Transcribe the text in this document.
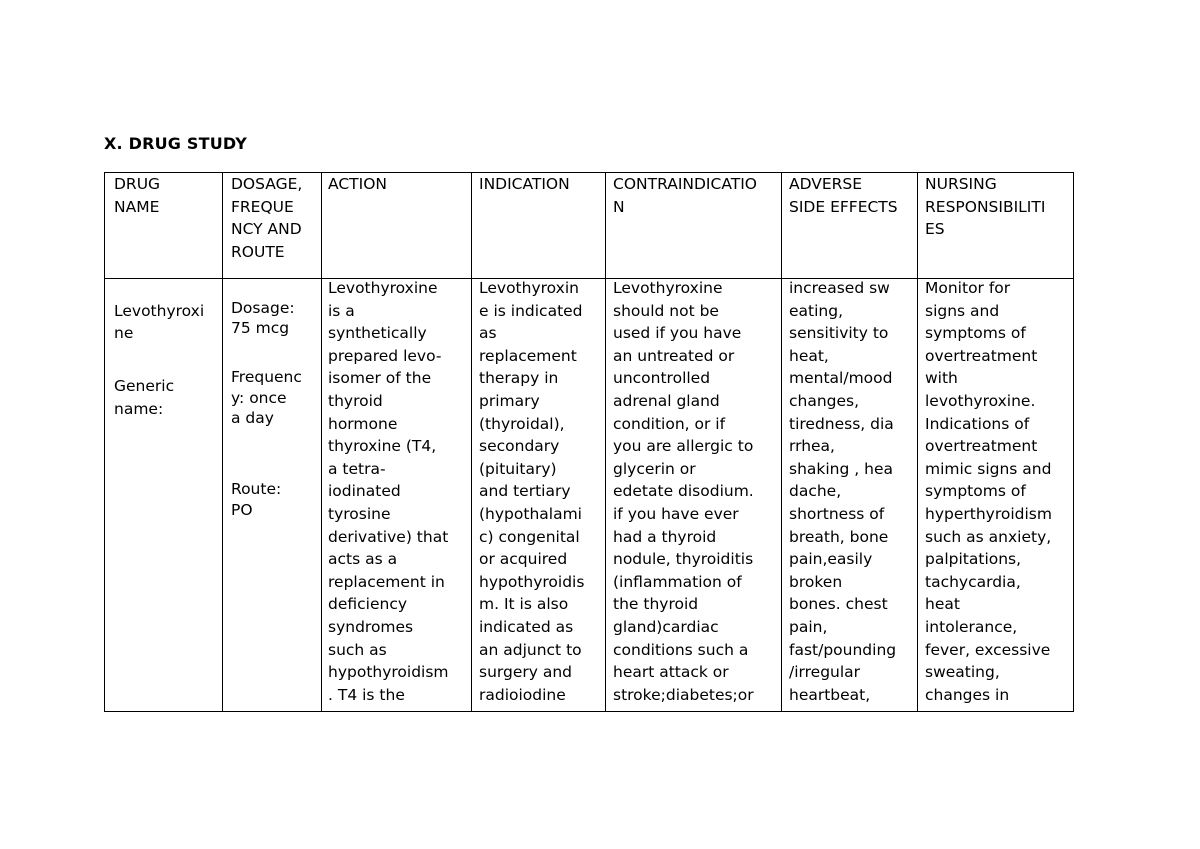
X. DRUG STUDY
DRUG
NAME
DOSAGE,
FREQUE
NCY AND
ROUTE
ACTION	INDICATION	CONTRAINDICATIO
N
ADVERSE
SIDE EFFECTS
NURSING
RESPONSIBILITI
ES

Levothyroxi
ne

Generic
name:

Dosage:
75 mcg

Frequenc
y: once
a day

Route:
PO

Levothyroxine
is a
synthetically
prepared levo-
isomer of the
thyroid
hormone
thyroxine (T4,
a tetra-
iodinated
tyrosine
derivative) that
acts as a
replacement in
deficiency
syndromes
such as
hypothyroidism
. T4 is the
Levothyroxin
e is indicated
as
replacement
therapy in
primary
(thyroidal),
secondary
(pituitary)
and tertiary
(hypothalami
c) congenital
or acquired
hypothyroidis
m. It is also
indicated as
an adjunct to
surgery and
radioiodine
Levothyroxine
should not be
used if you have
an untreated or
uncontrolled
adrenal gland
condition, or if
you are allergic to
glycerin or
edetate disodium.
if you have ever
had a thyroid
nodule, thyroiditis
(inflammation of
the thyroid
gland)cardiac
conditions such a
heart attack or
stroke;diabetes;or
increased sw
eating,
sensitivity to
heat,
mental/mood
changes,
tiredness, dia
rrhea,
shaking , hea
dache,
shortness of
breath, bone
pain,easily
broken
bones. chest
pain,
fast/pounding
/irregular
heartbeat,
Monitor for
signs and
symptoms of
overtreatment
with
levothyroxine.
Indications of
overtreatment
mimic signs and
symptoms of
hyperthyroidism
such as anxiety,
palpitations,
tachycardia,
heat
intolerance,
fever, excessive
sweating,
changes in
